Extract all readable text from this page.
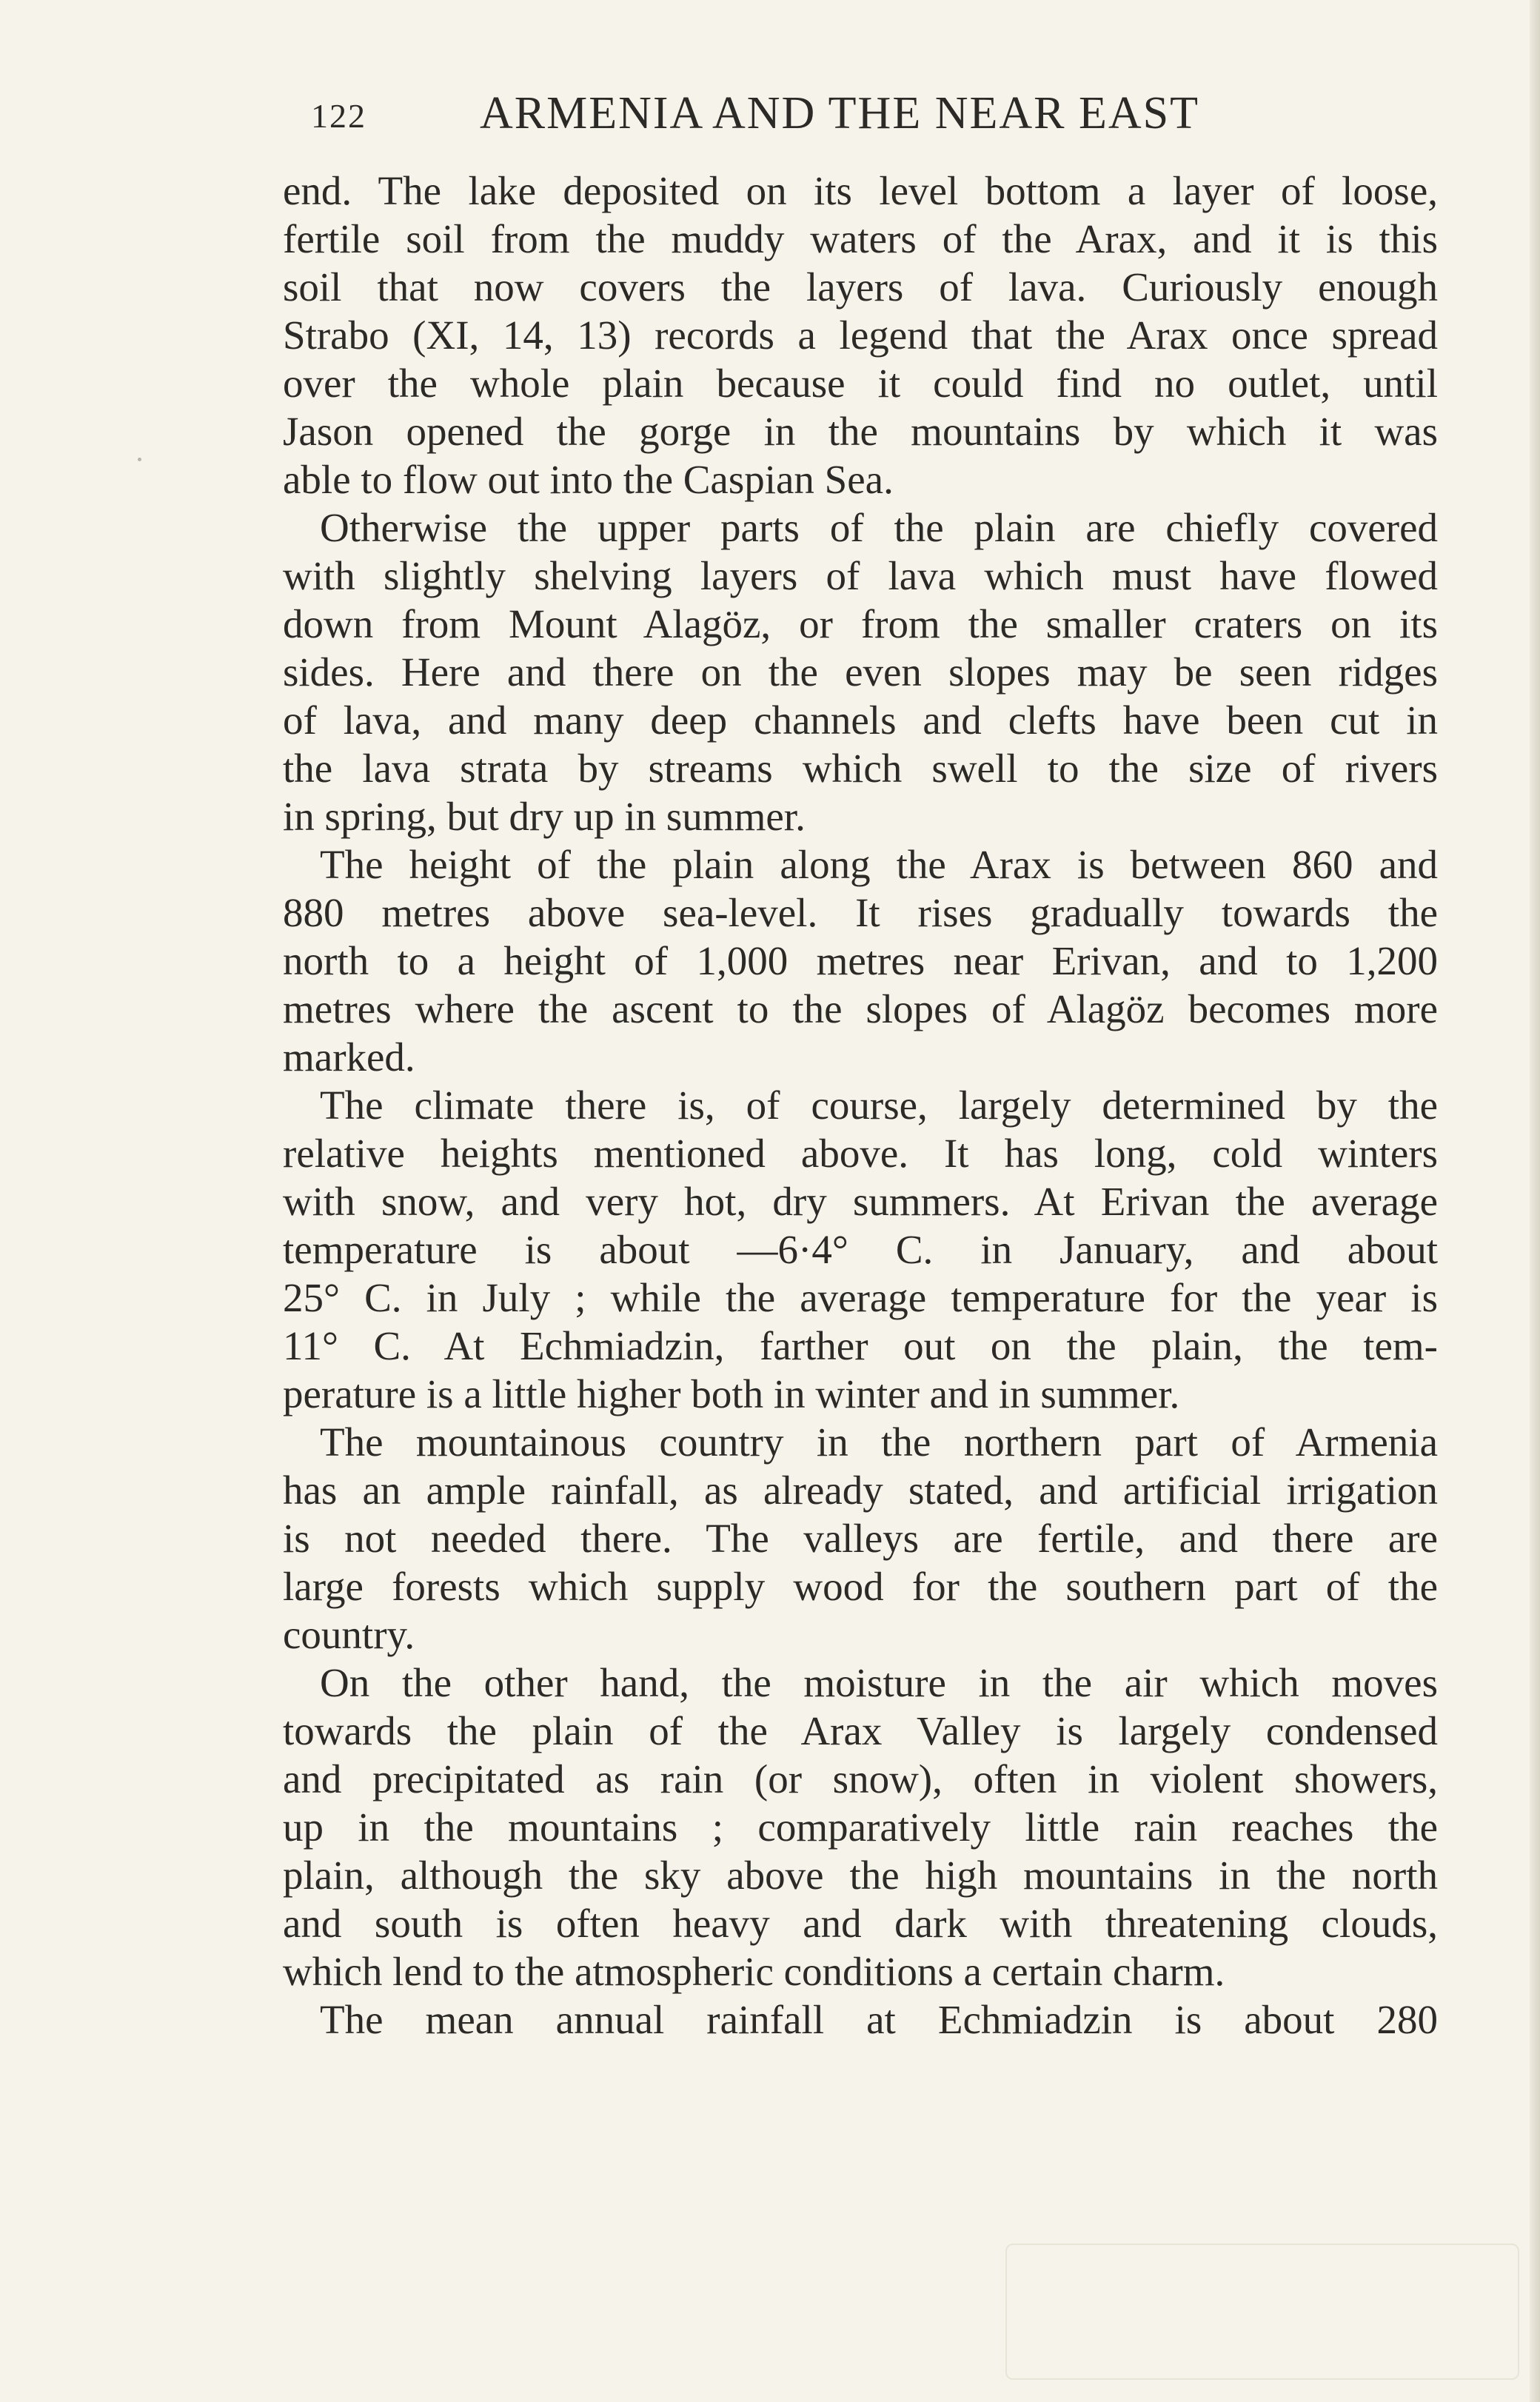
122 ARMENIA AND THE NEAR EAST
end. The lake deposited on its level bottom a layer of loose,
fertile soil from the muddy waters of the Arax, and it is this
soil that now covers the layers of lava. Curiously enough
Strabo (XI, 14, 13) records a legend that the Arax once spread
over the whole plain because it could find no outlet, until
Jason opened the gorge in the mountains by which it was
able to flow out into the Caspian Sea.
Otherwise the upper parts of the plain are chiefly covered
with slightly shelving layers of lava which must have flowed
down from Mount Alagöz, or from the smaller craters on its
sides. Here and there on the even slopes may be seen ridges
of lava, and many deep channels and clefts have been cut in
the lava strata by streams which swell to the size of rivers
in spring, but dry up in summer.
The height of the plain along the Arax is between 860 and
880 metres above sea-level. It rises gradually towards the
north to a height of 1,000 metres near Erivan, and to 1,200
metres where the ascent to the slopes of Alagöz becomes more
marked.
The climate there is, of course, largely determined by the
relative heights mentioned above. It has long, cold winters
with snow, and very hot, dry summers. At Erivan the average
temperature is about —6·4° C. in January, and about
25° C. in July ; while the average temperature for the year is
11° C. At Echmiadzin, farther out on the plain, the tem-
perature is a little higher both in winter and in summer.
The mountainous country in the northern part of Armenia
has an ample rainfall, as already stated, and artificial irrigation
is not needed there. The valleys are fertile, and there are
large forests which supply wood for the southern part of the
country.
On the other hand, the moisture in the air which moves
towards the plain of the Arax Valley is largely condensed
and precipitated as rain (or snow), often in violent showers,
up in the mountains ; comparatively little rain reaches the
plain, although the sky above the high mountains in the north
and south is often heavy and dark with threatening clouds,
which lend to the atmospheric conditions a certain charm.
The mean annual rainfall at Echmiadzin is about 280
